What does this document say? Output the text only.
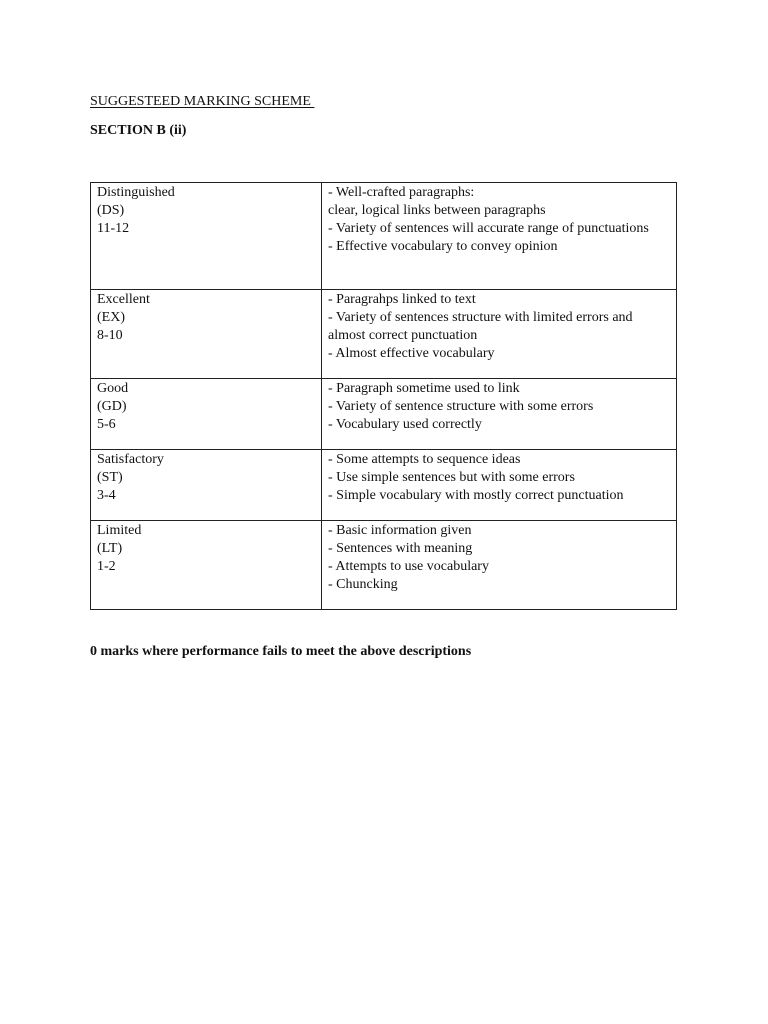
SUGGESTEED MARKING SCHEME
SECTION B (ii)
Distinguished
(DS)
11-12	- Well-crafted paragraphs:
clear, logical links between paragraphs
- Variety of sentences will accurate range of punctuations
- Effective vocabulary to convey opinion

Excellent
(EX)
8-10	- Paragrahps linked to text
- Variety of sentences structure with limited errors and almost correct punctuation
- Almost effective vocabulary

Good
(GD)
5-6	- Paragraph sometime used to link
- Variety of sentence structure with some errors
- Vocabulary used correctly

Satisfactory
(ST)
3-4	- Some attempts to sequence ideas
- Use simple sentences but with some errors
- Simple vocabulary with mostly correct punctuation

Limited
(LT)
1-2	- Basic information given
- Sentences with meaning
- Attempts to use vocabulary
- Chuncking
0 marks where performance fails to meet the above descriptions
